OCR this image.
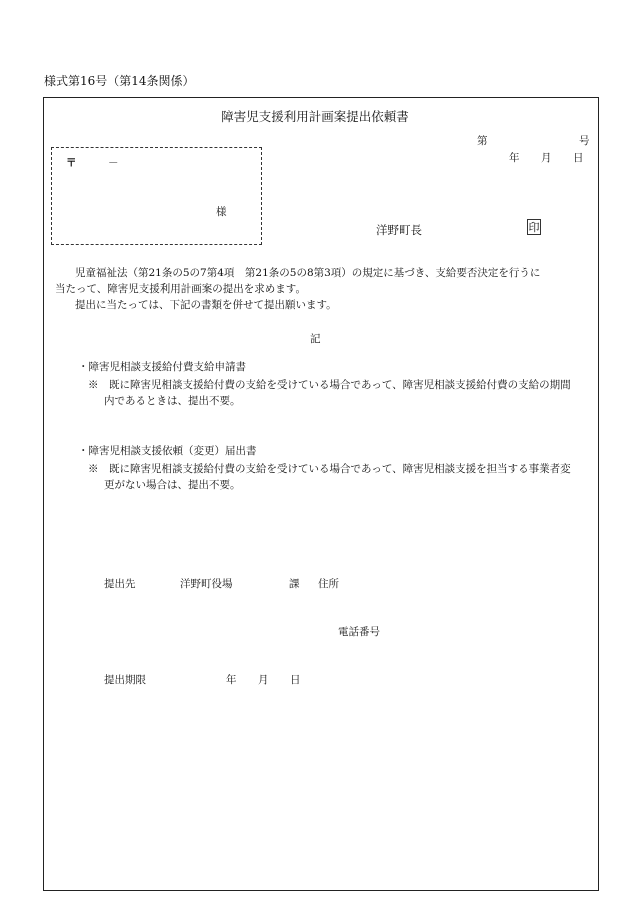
様式第16号（第14条関係）
障害児支援利用計画案提出依頼書
第	号
年 月 日
〒	－
様
洋野町長	印
児童福祉法（第21条の5の7第4項　第21条の5の8第3項）の規定に基づき、支給要否決定を行うに
当たって、障害児支援利用計画案の提出を求めます。
提出に当たっては、下記の書類を併せて提出願います。
記
・障害児相談支援給付費支給申請書
※　既に障害児相談支援給付費の支給を受けている場合であって、障害児相談支援給付費の支給の期間
内であるときは、提出不要。
・障害児相談支援依頼（変更）届出書
※　既に障害児相談支援給付費の支給を受けている場合であって、障害児相談支援を担当する事業者変
更がない場合は、提出不要。
提出先	洋野町役場	課 住所
電話番号
提出期限	年 月 日
